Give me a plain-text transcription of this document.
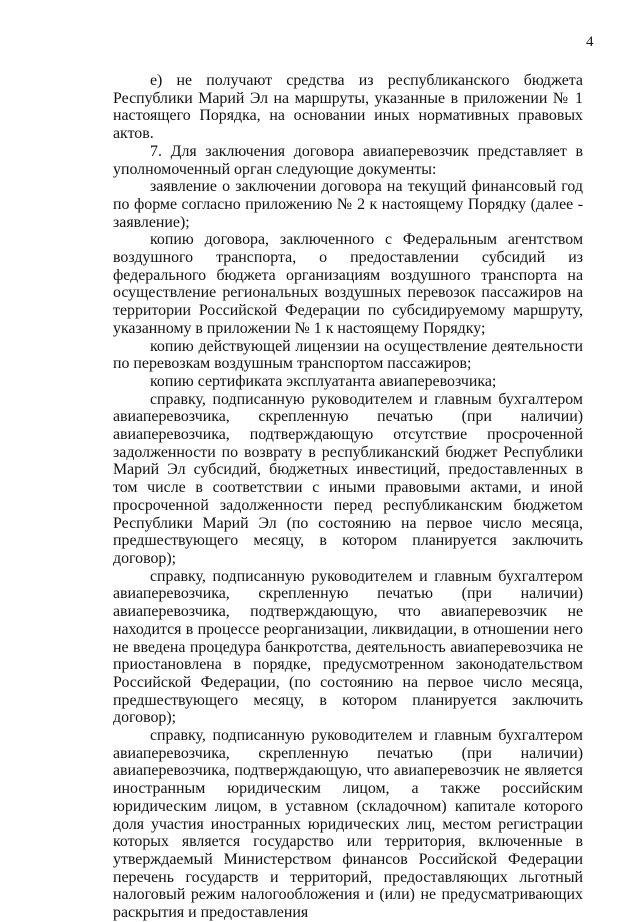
4

е) не получают средства из республиканского бюджета Республики Марий Эл на маршруты, указанные в приложении № 1 настоящего Порядка, на основании иных нормативных правовых актов.

7. Для заключения договора авиаперевозчик представляет в уполномоченный орган следующие документы:

заявление о заключении договора на текущий финансовый год по форме согласно приложению № 2 к настоящему Порядку (далее - заявление);

копию договора, заключенного с Федеральным агентством воздушного транспорта, о предоставлении субсидий из федерального бюджета организациям воздушного транспорта на осуществление региональных воздушных перевозок пассажиров на территории Российской Федерации по субсидируемому маршруту, указанному в приложении № 1 к настоящему Порядку;

копию действующей лицензии на осуществление деятельности по перевозкам воздушным транспортом пассажиров;

копию сертификата эксплуатанта авиаперевозчика;

справку, подписанную руководителем и главным бухгалтером авиаперевозчика, скрепленную печатью (при наличии) авиаперевозчика, подтверждающую отсутствие просроченной задолженности по возврату в республиканский бюджет Республики Марий Эл субсидий, бюджетных инвестиций, предоставленных в том числе в соответствии с иными правовыми актами, и иной просроченной задолженности перед республиканским бюджетом Республики Марий Эл (по состоянию на первое число месяца, предшествующего месяцу, в котором планируется заключить договор);

справку, подписанную руководителем и главным бухгалтером авиаперевозчика, скрепленную печатью (при наличии) авиаперевозчика, подтверждающую, что авиаперевозчик не находится в процессе реорганизации, ликвидации, в отношении него не введена процедура банкротства, деятельность авиаперевозчика не приостановлена в порядке, предусмотренном законодательством Российской Федерации, (по состоянию на первое число месяца, предшествующего месяцу, в котором планируется заключить договор);

справку, подписанную руководителем и главным бухгалтером авиаперевозчика, скрепленную печатью (при наличии) авиаперевозчика, подтверждающую, что авиаперевозчик не является иностранным юридическим лицом, а также российским юридическим лицом, в уставном (складочном) капитале которого доля участия иностранных юридических лиц, местом регистрации которых является государство или территория, включенные в утверждаемый Министерством финансов Российской Федерации перечень государств и территорий, предоставляющих льготный налоговый режим налогообложения и (или) не предусматривающих раскрытия и предоставления
